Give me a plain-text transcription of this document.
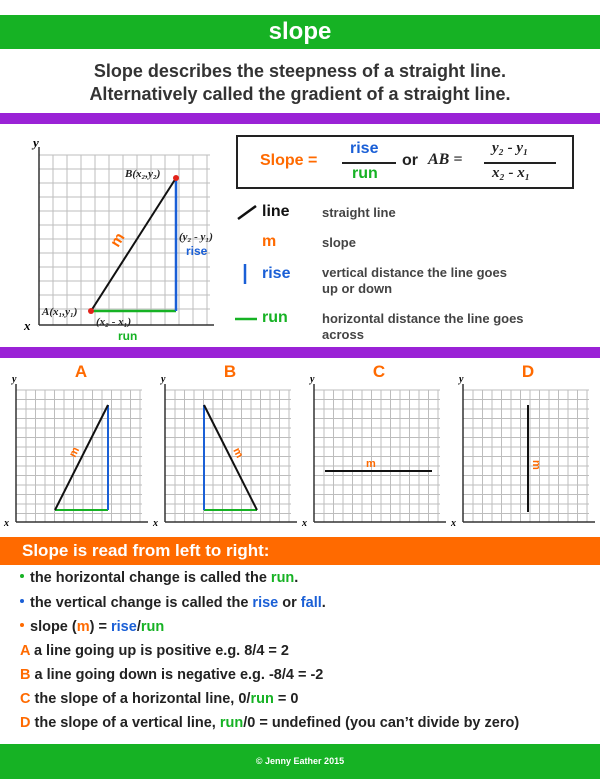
slope
Slope describes the steepness of a straight line.
Alternatively called the gradient of a straight line.
y
x
A(x₁,y₁)
B(x₂,y₂)
m	(y₂ - y₁)
rise
(x₂ - x₁)
run
Slope =
rise
run
or AB =
y₂ - y₁
x₂ - x₁
line straight line
m	slope
rise vertical distance the line goes
up or down
run	horizontal distance the line goes
across
A	B	C	D
y
x
m
y
x
m
y
x
m
y
x
m
Slope is read from left to right:
the horizontal change is called the run.
the vertical change is called the rise or fall.
slope (m) = rise/run
A a line going up is positive e.g. 8/4 = 2
B a line going down is negative e.g. -8/4 = -2
C the slope of a horizontal line, 0/run = 0
D the slope of a vertical line, run/0 = undefined (you can’t divide by zero)
© Jenny Eather 2015
